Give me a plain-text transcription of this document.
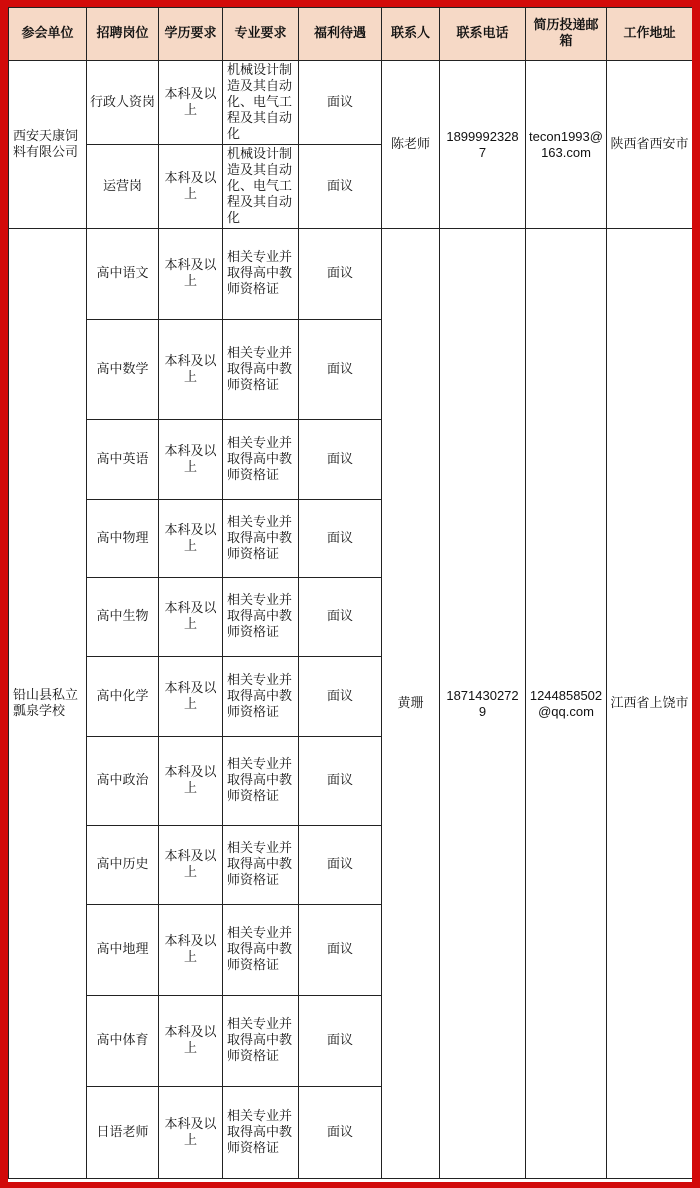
参会单位	招聘岗位	学历要求	专业要求	福利待遇	联系人	联系电话	简历投递邮箱	工作地址
西安天康饲料有限公司	行政人资岗	本科及以上	机械设计制造及其自动化、电气工程及其自动化	面议	陈老师	18999923287	tecon1993@163.com	陕西省西安市
	运营岗	本科及以上	机械设计制造及其自动化、电气工程及其自动化	面议				
铅山县私立瓢泉学校	高中语文	本科及以上	相关专业并取得高中教师资格证	面议	黄珊	18714302729	1244858502@qq.com	江西省上饶市
	高中数学	本科及以上	相关专业并取得高中教师资格证	面议				
	高中英语	本科及以上	相关专业并取得高中教师资格证	面议				
	高中物理	本科及以上	相关专业并取得高中教师资格证	面议				
	高中生物	本科及以上	相关专业并取得高中教师资格证	面议				
	高中化学	本科及以上	相关专业并取得高中教师资格证	面议				
	高中政治	本科及以上	相关专业并取得高中教师资格证	面议				
	高中历史	本科及以上	相关专业并取得高中教师资格证	面议				
	高中地理	本科及以上	相关专业并取得高中教师资格证	面议				
	高中体育	本科及以上	相关专业并取得高中教师资格证	面议				
	日语老师	本科及以上	相关专业并取得高中教师资格证	面议				
